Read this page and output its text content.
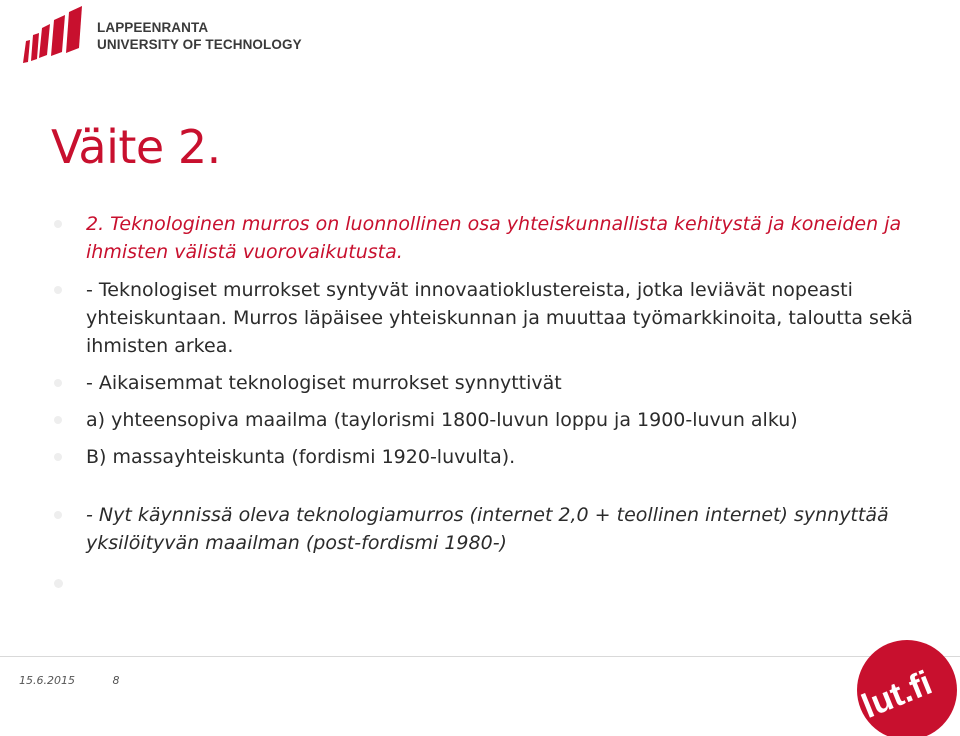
LAPPEENRANTA
UNIVERSITY OF TECHNOLOGY
Väite 2.
2. Teknologinen murros on luonnollinen osa yhteiskunnallista kehitystä ja koneiden ja ihmisten välistä vuorovaikutusta.
- Teknologiset murrokset syntyvät innovaatioklustereista, jotka leviävät nopeasti yhteiskuntaan. Murros läpäisee yhteiskunnan ja muuttaa työmarkkinoita, taloutta sekä ihmisten arkea.
- Aikaisemmat teknologiset murrokset synnyttivät
a) yhteensopiva maailma (taylorismi 1800-luvun loppu ja 1900-luvun alku)
B) massayhteiskunta (fordismi 1920-luvulta).
- Nyt käynnissä oleva teknologiamurros (internet 2,0 + teollinen internet) synnyttää yksilöityvän maailman (post-fordismi 1980-)
15.6.2015	8	lut.fi
